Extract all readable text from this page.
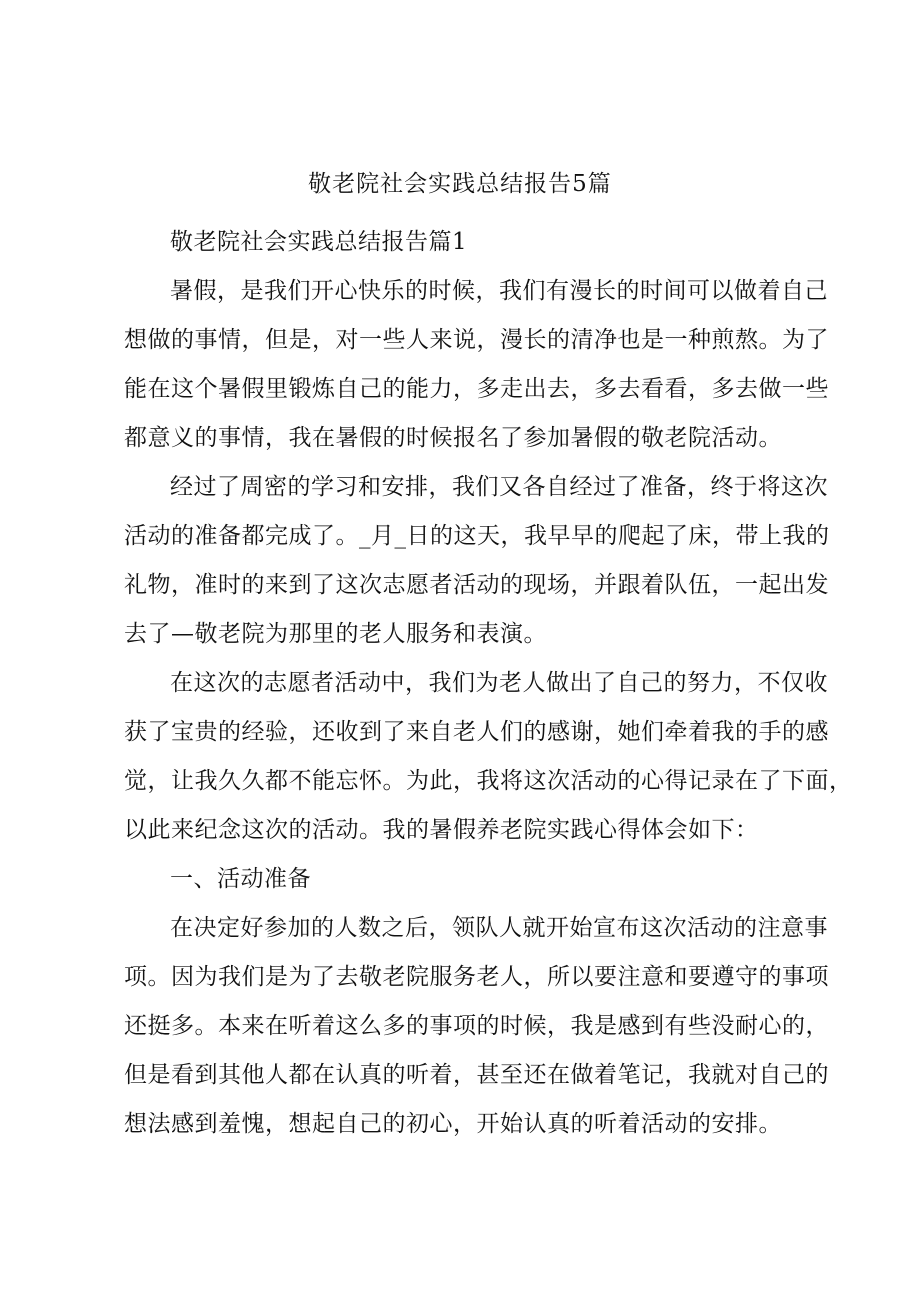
敬老院社会实践总结报告5篇
敬老院社会实践总结报告篇1
暑假，是我们开心快乐的时候，我们有漫长的时间可以做着自己
想做的事情，但是，对一些人来说，漫长的清净也是一种煎熬。为了
能在这个暑假里锻炼自己的能力，多走出去，多去看看，多去做一些
都意义的事情，我在暑假的时候报名了参加暑假的敬老院活动。
经过了周密的学习和安排，我们又各自经过了准备，终于将这次
活动的准备都完成了。_月_日的这天，我早早的爬起了床，带上我的
礼物，准时的来到了这次志愿者活动的现场，并跟着队伍，一起出发
去了—敬老院为那里的老人服务和表演。
在这次的志愿者活动中，我们为老人做出了自己的努力，不仅收
获了宝贵的经验，还收到了来自老人们的感谢，她们牵着我的手的感
觉，让我久久都不能忘怀。为此，我将这次活动的心得记录在了下面，
以此来纪念这次的活动。我的暑假养老院实践心得体会如下：
一、活动准备
在决定好参加的人数之后，领队人就开始宣布这次活动的注意事
项。因为我们是为了去敬老院服务老人，所以要注意和要遵守的事项
还挺多。本来在听着这么多的事项的时候，我是感到有些没耐心的，
但是看到其他人都在认真的听着，甚至还在做着笔记，我就对自己的
想法感到羞愧，想起自己的初心，开始认真的听着活动的安排。
